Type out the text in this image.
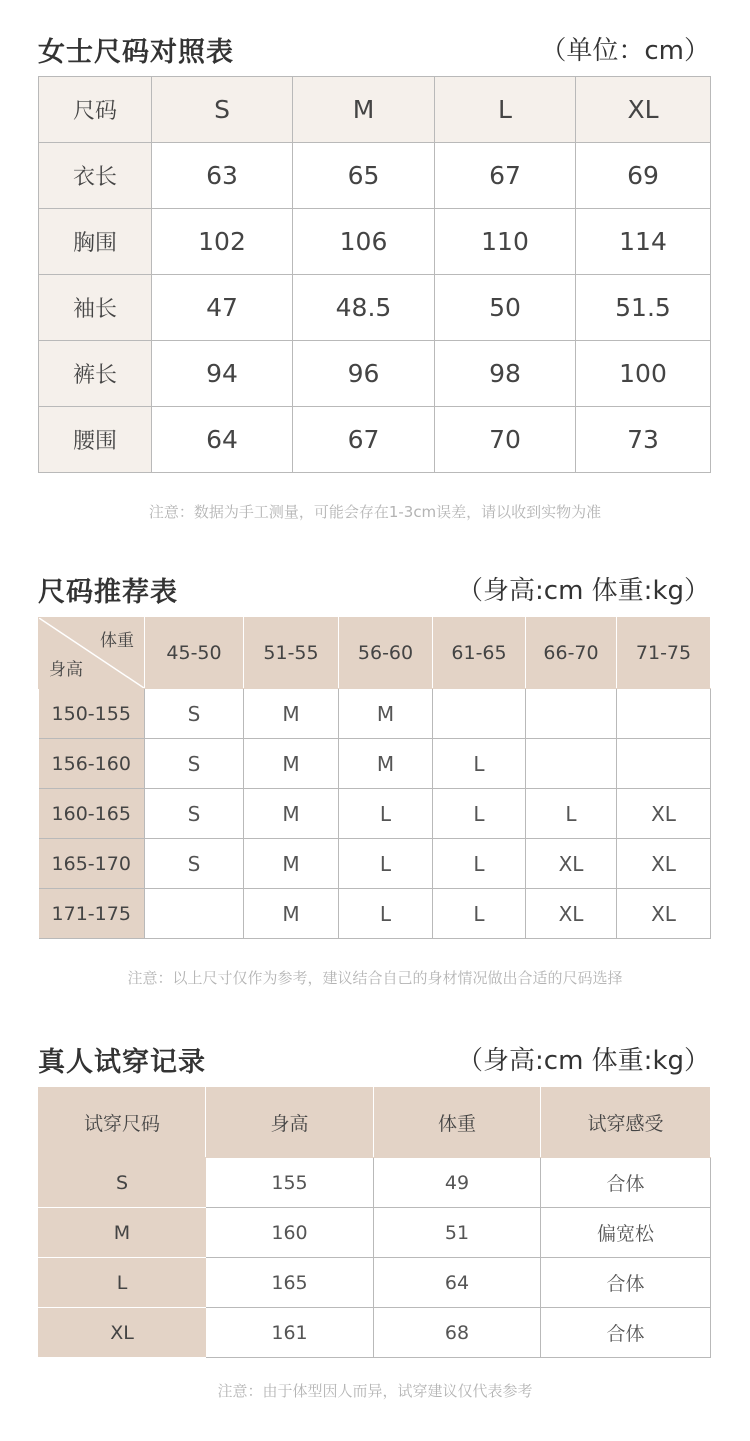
女士尺码对照表	（单位：cm）
尺码	S	M	L	XL
衣长	63	65	67	69
胸围	102	106	110	114
袖长	47	48.5	50	51.5
裤长	94	96	98	100
腰围	64	67	70	73
注意：数据为手工测量，可能会存在1-3cm误差，请以收到实物为准
尺码推荐表	（身高:cm 体重:kg）
体重
身高	45-50	51-55	56-60	61-65	66-70	71-75
150-155	S	M	M			
156-160	S	M	M	L		
160-165	S	M	L	L	L	XL
165-170	S	M	L	L	XL	XL
171-175		M	L	L	XL	XL
注意：以上尺寸仅作为参考，建议结合自己的身材情况做出合适的尺码选择
真人试穿记录	（身高:cm 体重:kg）
试穿尺码	身高	体重	试穿感受
S	155	49	合体
M	160	51	偏宽松
L	165	64	合体
XL	161	68	合体
注意：由于体型因人而异，试穿建议仅代表参考
